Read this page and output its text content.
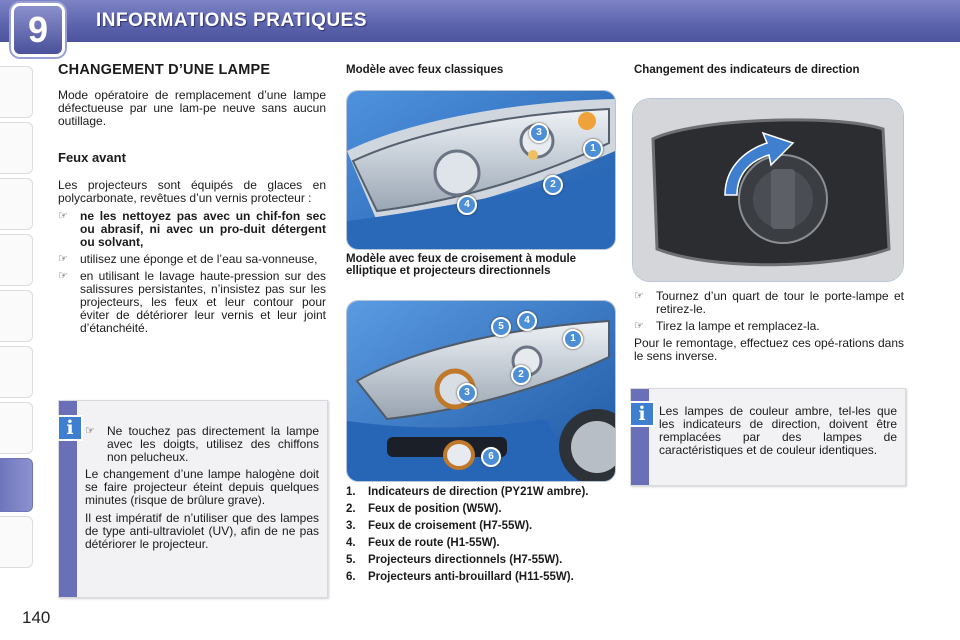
INFORMATIONS PRATIQUES
9
140
CHANGEMENT D’UNE LAMPE

Mode opératoire de remplacement d’une lampe défectueuse par une lam-pe neuve sans aucun outillage.

Feux avant

Les projecteurs sont équipés de glaces en polycarbonate, revêtues d’un vernis protecteur :

☞ ne les nettoyez pas avec un chif-fon sec ou abrasif, ni avec un pro-duit détergent ou solvant,
☞ utilisez une éponge et de l’eau sa-vonneuse,
☞ en utilisant le lavage haute-pression sur des salissures persistantes, n’insistez pas sur les projecteurs, les feux et leur contour pour éviter de détériorer leur vernis et leur joint d’étanchéité.
i	☞ Ne touchez pas directement la lampe avec les doigts, utilisez des chiffons non pelucheux.

Le changement d’une lampe halogène doit se faire projecteur éteint depuis quelques minutes (risque de brûlure grave).

Il est impératif de n’utiliser que des lampes de type anti-ultraviolet (UV), afin de ne pas détériorer le projecteur.

Modèle avec feux classiques
1
2
3
4
Modèle avec feux de croisement à module elliptique et projecteurs directionnels
1
2
3
4
5
6
1. Indicateurs de direction (PY21W ambre).
2. Feux de position (W5W).
3. Feux de croisement (H7-55W).
4. Feux de route (H1-55W).
5. Projecteurs directionnels (H7-55W).
6. Projecteurs anti-brouillard (H11-55W).
Changement des indicateurs de direction
☞ Tournez d’un quart de tour le porte-lampe et retirez-le.
☞ Tirez la lampe et remplacez-la.

Pour le remontage, effectuez ces opé-rations dans le sens inverse.

i	Les lampes de couleur ambre, tel-les que les indicateurs de direction, doivent être remplacées par des lampes de caractéristiques et de couleur identiques.
